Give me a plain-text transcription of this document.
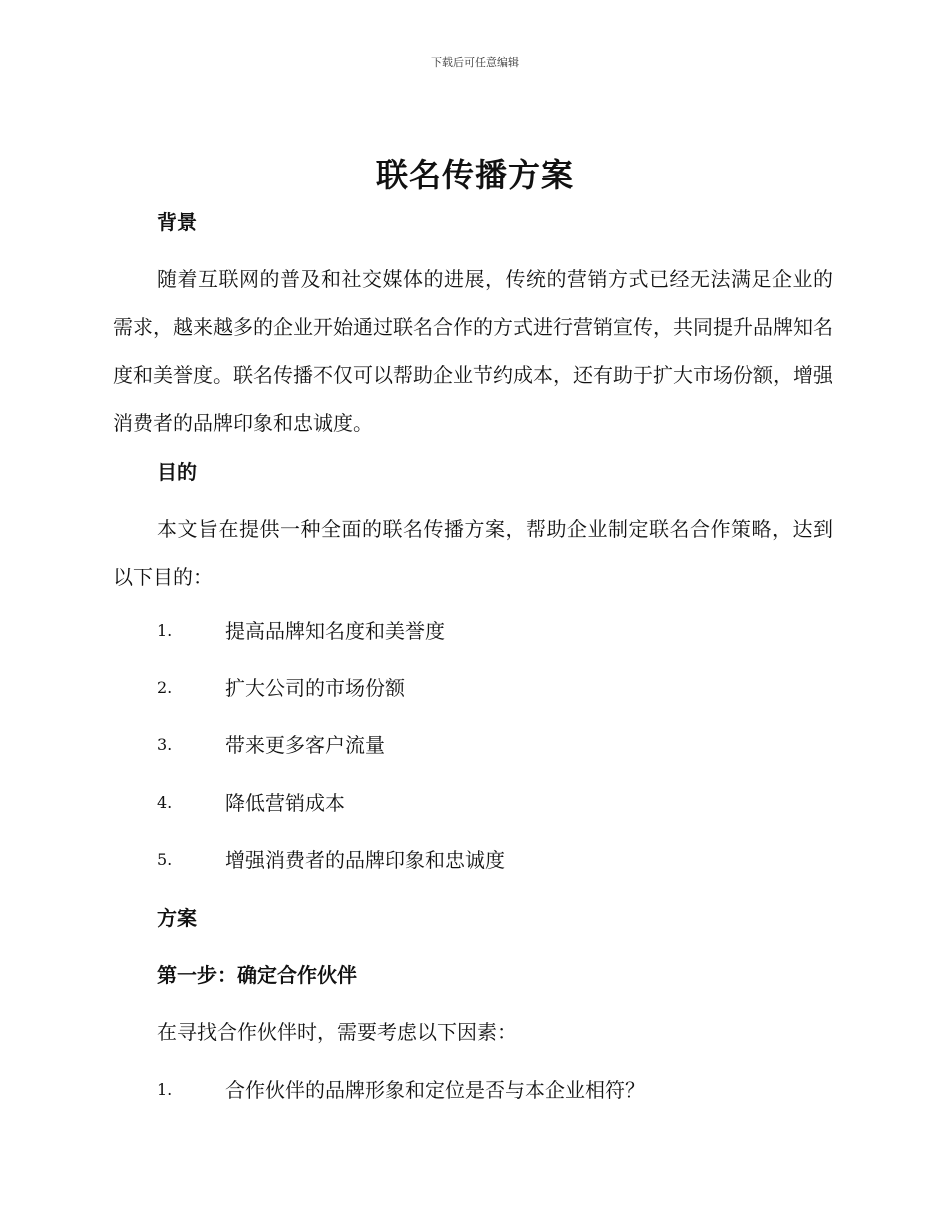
下载后可任意编辑
联名传播方案
背景

随着互联网的普及和社交媒体的进展，传统的营销方式已经无法满足企业的需求，越来越多的企业开始通过联名合作的方式进行营销宣传，共同提升品牌知名度和美誉度。联名传播不仅可以帮助企业节约成本，还有助于扩大市场份额，增强消费者的品牌印象和忠诚度。

目的

本文旨在提供一种全面的联名传播方案，帮助企业制定联名合作策略，达到以下目的：

1.	提高品牌知名度和美誉度
2.	扩大公司的市场份额
3.	带来更多客户流量
4.	降低营销成本
5.	增强消费者的品牌印象和忠诚度
方案
第一步：确定合作伙伴
在寻找合作伙伴时，需要考虑以下因素：
1.	合作伙伴的品牌形象和定位是否与本企业相符？
